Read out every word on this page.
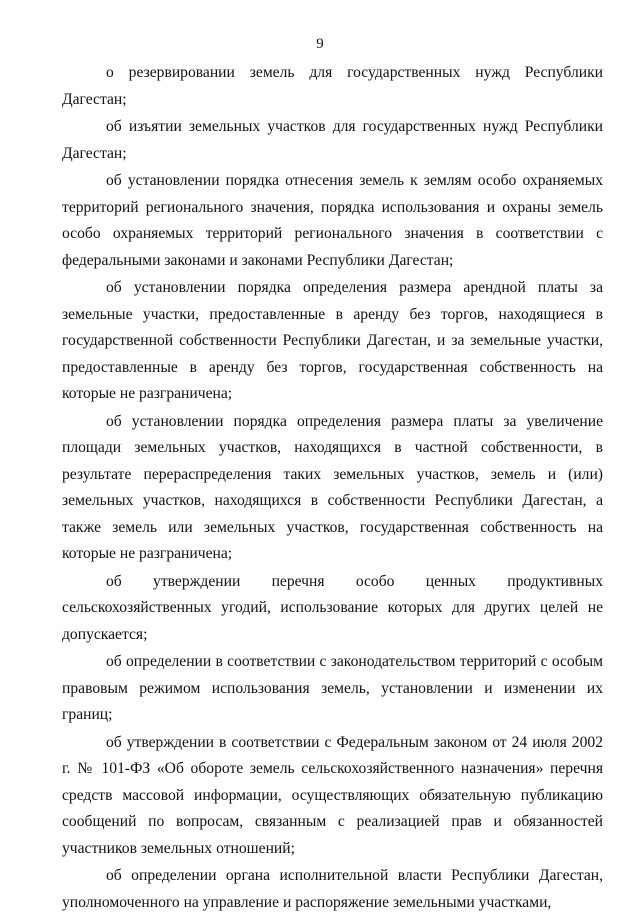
9

о резервировании земель для государственных нужд Республики Дагестан;

об изъятии земельных участков для государственных нужд Республики Дагестан;

об установлении порядка отнесения земель к землям особо охраняемых территорий регионального значения, порядка использования и охраны земель особо охраняемых территорий регионального значения в соответствии с федеральными законами и законами Республики Дагестан;

об установлении порядка определения размера арендной платы за земельные участки, предоставленные в аренду без торгов, находящиеся в государственной собственности Республики Дагестан, и за земельные участки, предоставленные в аренду без торгов, государственная собственность на которые не разграничена;

об установлении порядка определения размера платы за увеличение площади земельных участков, находящихся в частной собственности, в результате перераспределения таких земельных участков, земель и (или) земельных участков, находящихся в собственности Республики Дагестан, а также земель или земельных участков, государственная собственность на которые не разграничена;

об утверждении перечня особо ценных продуктивных сельскохозяйственных угодий, использование которых для других целей не допускается;

об определении в соответствии с законодательством территорий с особым правовым режимом использования земель, установлении и изменении их границ;

об утверждении в соответствии с Федеральным законом от 24 июля 2002 г. № 101-ФЗ «Об обороте земель сельскохозяйственного назначения» перечня средств массовой информации, осуществляющих обязательную публикацию сообщений по вопросам, связанным с реализацией прав и обязанностей участников земельных отношений;

об определении органа исполнительной власти Республики Дагестан, уполномоченного на управление и распоряжение земельными участками,
